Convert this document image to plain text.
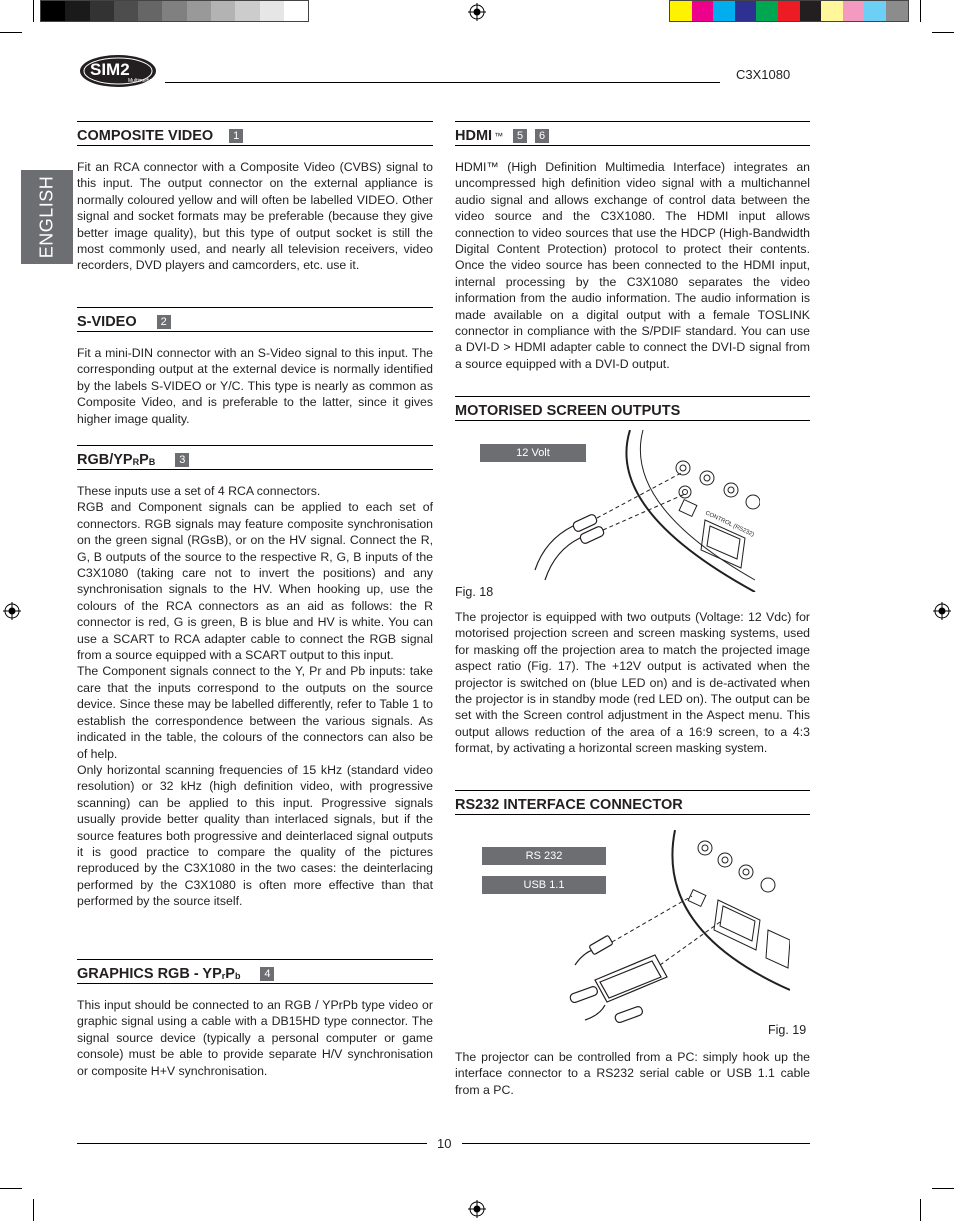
SIM2
Multimedia	C3X1080
ENGLISH
COMPOSITE VIDEO	1

Fit an RCA connector with a Composite Video (CVBS) signal to this input. The output connector on the external appliance is normally coloured yellow and will often be labelled VIDEO. Other signal and socket formats may be preferable (because they give better image quality), but this type of output socket is still the most commonly used, and nearly all television receivers, video recorders, DVD players and camcorders, etc. use it.

S-VIDEO	2

Fit a mini-DIN connector with an S-Video signal to this input. The corresponding output at the external device is normally identified by the labels S-VIDEO or Y/C. This type is nearly as common as Composite Video, and is preferable to the latter, since it gives higher image quality.

RGB/YPRPB	3

These inputs use a set of 4 RCA connectors.

RGB and Component signals can be applied to each set of connectors. RGB signals may feature composite synchronisation on the green signal (RGsB), or on the HV signal. Connect the R, G, B outputs of the source to the respective R, G, B inputs of the C3X1080 (taking care not to invert the positions) and any synchronisation signals to the HV. When hooking up, use the colours of the RCA connectors as an aid as follows: the R connector is red, G is green, B is blue and HV is white. You can use a SCART to RCA adapter cable to connect the RGB signal from a source equipped with a SCART output to this input.

The Component signals connect to the Y, Pr and Pb inputs: take care that the inputs correspond to the outputs on the source device. Since these may be labelled differently, refer to Table 1 to establish the correspondence between the various signals. As indicated in the table, the colours of the connectors can also be of help.

Only horizontal scanning frequencies of 15 kHz (standard video resolution) or 32 kHz (high definition video, with progressive scanning) can be applied to this input. Progressive signals usually provide better quality than interlaced signals, but if the source features both progressive and deinterlaced signal outputs it is good practice to compare the quality of the pictures reproduced by the C3X1080 in the two cases: the deinterlacing performed by the C3X1080 is often more effective than that performed by the source itself.

GRAPHICS RGB - YPrPb	4

This input should be connected to an RGB / YPrPb type video or graphic signal using a cable with a DB15HD type connector. The signal source device (typically a personal computer or game console) must be able to provide separate H/V synchronisation or composite H+V synchronisation.

HDMI ™	5	6

HDMI™ (High Definition Multimedia Interface) integrates an uncompressed high definition video signal with a multichannel audio signal and allows exchange of control data between the video source and the C3X1080. The HDMI input allows connection to video sources that use the HDCP (High-Bandwidth Digital Content Protection) protocol to protect their contents. Once the video source has been connected to the HDMI input, internal processing by the C3X1080 separates the video information from the audio information. The audio information is made available on a digital output with a female TOSLINK connector in compliance with the S/PDIF standard. You can use a DVI-D > HDMI adapter cable to connect the DVI-D signal from a source equipped with a DVI-D output.

MOTORISED SCREEN OUTPUTS
CONTROL (RS232)
12 Volt
Fig. 18

The projector is equipped with two outputs (Voltage: 12 Vdc) for motorised projection screen and screen masking systems, used for masking off the projection area to match the projected image aspect ratio (Fig. 17). The +12V output is activated when the projector is switched on (blue LED on) and is de-activated when the projector is in standby mode (red LED on). The output can be set with the Screen control adjustment in the Aspect menu. This output allows reduction of the area of a 16:9 screen, to a 4:3 format, by activating a horizontal screen masking system.

RS232 INTERFACE CONNECTOR
RS 232
USB 1.1
Fig. 19

The projector can be controlled from a PC: simply hook up the interface connector to a RS232 serial cable or USB 1.1 cable from a PC.

10
